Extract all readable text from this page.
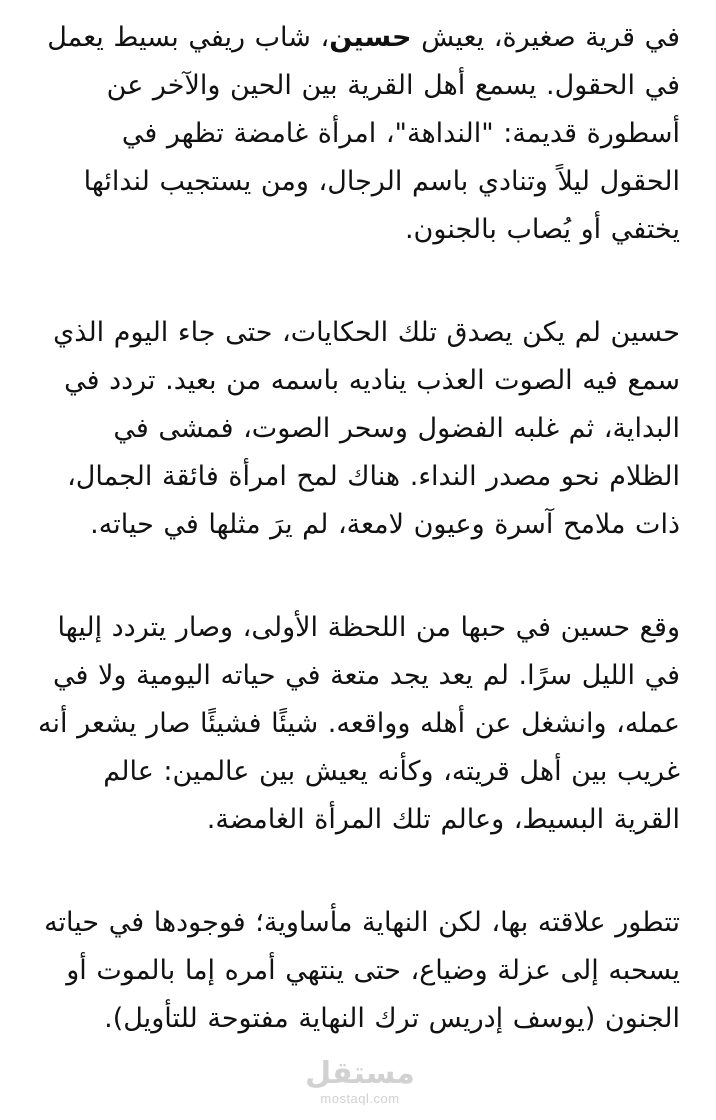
في قرية صغيرة، يعيش حسين، شاب ريفي بسيط يعمل في الحقول. يسمع أهل القرية بين الحين والآخر عن أسطورة قديمة: "النداهة"، امرأة غامضة تظهر في الحقول ليلاً وتنادي باسم الرجال، ومن يستجيب لندائها يختفي أو يُصاب بالجنون.

حسين لم يكن يصدق تلك الحكايات، حتى جاء اليوم الذي سمع فيه الصوت العذب يناديه باسمه من بعيد. تردد في البداية، ثم غلبه الفضول وسحر الصوت، فمشى في الظلام نحو مصدر النداء. هناك لمح امرأة فائقة الجمال، ذات ملامح آسرة وعيون لامعة، لم يرَ مثلها في حياته.

وقع حسين في حبها من اللحظة الأولى، وصار يتردد إليها في الليل سرًا. لم يعد يجد متعة في حياته اليومية ولا في عمله، وانشغل عن أهله وواقعه. شيئًا فشيئًا صار يشعر أنه غريب بين أهل قريته، وكأنه يعيش بين عالمين: عالم القرية البسيط، وعالم تلك المرأة الغامضة.

تتطور علاقته بها، لكن النهاية مأساوية؛ فوجودها في حياته يسحبه إلى عزلة وضياع، حتى ينتهي أمره إما بالموت أو الجنون (يوسف إدريس ترك النهاية مفتوحة للتأويل).

مستقل
mostaql.com
